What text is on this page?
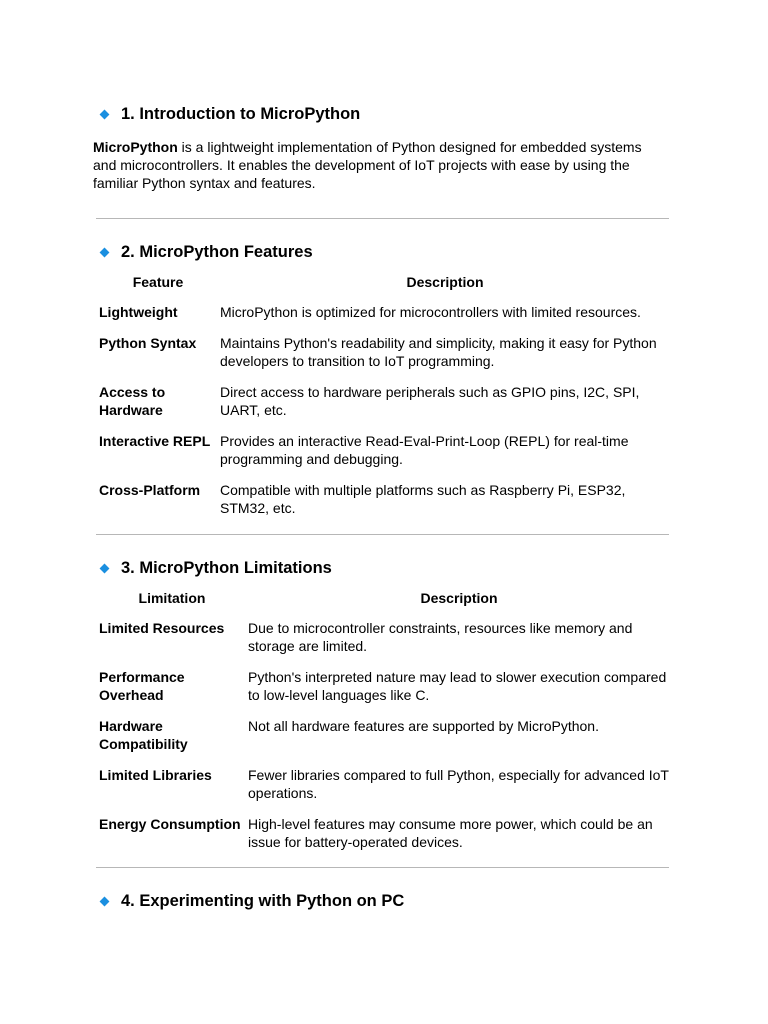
1. Introduction to MicroPython

MicroPython is a lightweight implementation of Python designed for embedded systems and microcontrollers. It enables the development of IoT projects with ease by using the familiar Python syntax and features.

2. MicroPython Features
Feature	Description
Lightweight	MicroPython is optimized for microcontrollers with limited resources.
Python Syntax	Maintains Python's readability and simplicity, making it easy for Python developers to transition to IoT programming.
Access to Hardware	Direct access to hardware peripherals such as GPIO pins, I2C, SPI, UART, etc.
Interactive REPL	Provides an interactive Read-Eval-Print-Loop (REPL) for real-time programming and debugging.
Cross-Platform	Compatible with multiple platforms such as Raspberry Pi, ESP32, STM32, etc.
3. MicroPython Limitations
Limitation	Description
Limited Resources	Due to microcontroller constraints, resources like memory and storage are limited.
Performance Overhead	Python's interpreted nature may lead to slower execution compared to low-level languages like C.
Hardware Compatibility	Not all hardware features are supported by MicroPython.
Limited Libraries	Fewer libraries compared to full Python, especially for advanced IoT operations.
Energy Consumption	High-level features may consume more power, which could be an issue for battery-operated devices.
4. Experimenting with Python on PC
